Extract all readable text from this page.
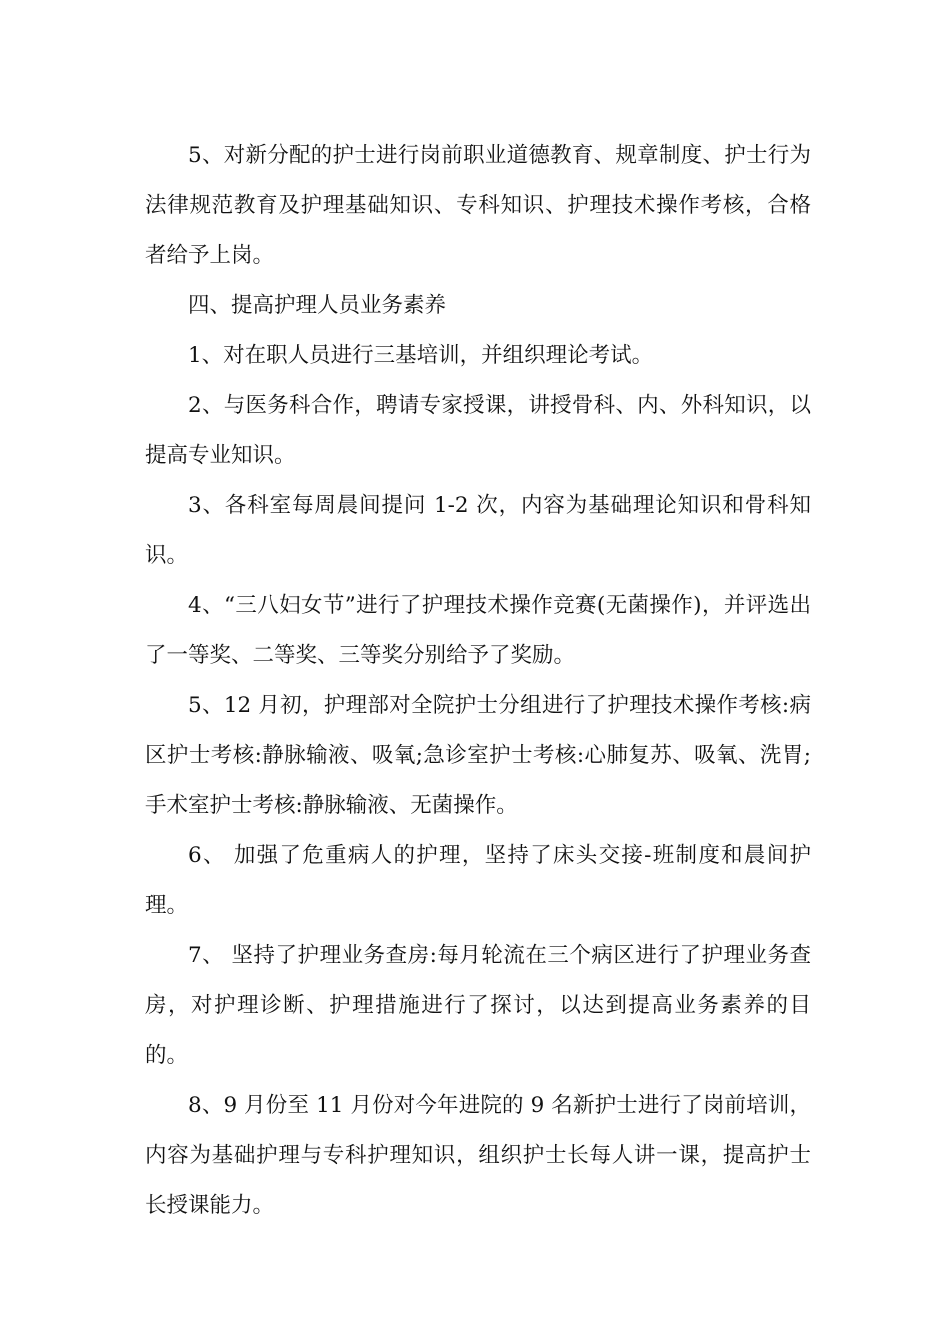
5、对新分配的护士进行岗前职业道德教育、规章制度、护士行为法律规范教育及护理基础知识、专科知识、护理技术操作考核，合格者给予上岗。

四、提高护理人员业务素养

1、对在职人员进行三基培训，并组织理论考试。

2、与医务科合作，聘请专家授课，讲授骨科、内、外科知识，以提高专业知识。

3、各科室每周晨间提问 1-2 次，内容为基础理论知识和骨科知识。

4、“三八妇女节”进行了护理技术操作竞赛(无菌操作)，并评选出了一等奖、二等奖、三等奖分别给予了奖励。

5、12 月初，护理部对全院护士分组进行了护理技术操作考核:病区护士考核:静脉输液、吸氧;急诊室护士考核:心肺复苏、吸氧、洗胃;手术室护士考核:静脉输液、无菌操作。

6、 加强了危重病人的护理，坚持了床头交接-班制度和晨间护理。

7、 坚持了护理业务查房:每月轮流在三个病区进行了护理业务查房，对护理诊断、护理措施进行了探讨，以达到提高业务素养的目的。

8、9 月份至 11 月份对今年进院的 9 名新护士进行了岗前培训，内容为基础护理与专科护理知识，组织护士长每人讲一课，提高护士长授课能力。
